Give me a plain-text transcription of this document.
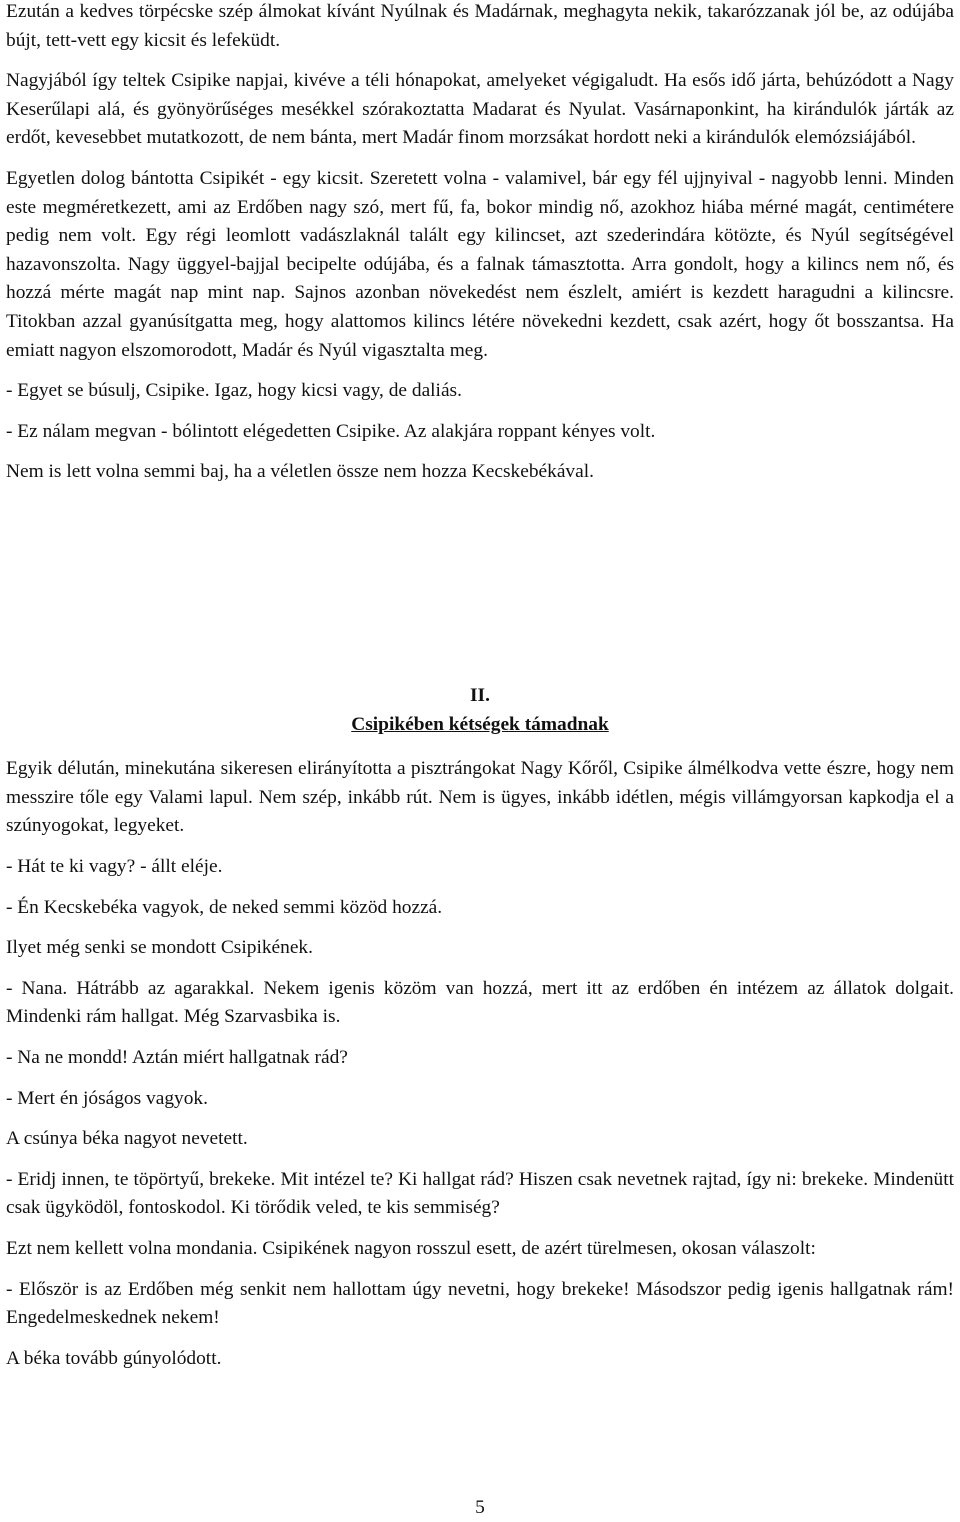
Ezután a kedves törpécske szép álmokat kívánt Nyúlnak és Madárnak, meghagyta nekik, takarózzanak jól be, az odújába bújt, tett-vett egy kicsit és lefeküdt.

Nagyjából így teltek Csipike napjai, kivéve a téli hónapokat, amelyeket végigaludt. Ha esős idő járta, behúzódott a Nagy Keserűlapi alá, és gyönyörűséges mesékkel szórakoztatta Madarat és Nyulat. Vasárnaponkint, ha kirándulók járták az erdőt, kevesebbet mutatkozott, de nem bánta, mert Madár finom morzsákat hordott neki a kirándulók elemózsiájából.

Egyetlen dolog bántotta Csipikét - egy kicsit. Szeretett volna - valamivel, bár egy fél ujjnyival - nagyobb lenni. Minden este megméretkezett, ami az Erdőben nagy szó, mert fű, fa, bokor mindig nő, azokhoz hiába mérné magát, centimétere pedig nem volt. Egy régi leomlott vadászlaknál talált egy kilincset, azt szederindára kötözte, és Nyúl segítségével hazavonszolta. Nagy üggyel-bajjal becipelte odújába, és a falnak támasztotta. Arra gondolt, hogy a kilincs nem nő, és hozzá mérte magát nap mint nap. Sajnos azonban növekedést nem észlelt, amiért is kezdett haragudni a kilincsre. Titokban azzal gyanúsítgatta meg, hogy alattomos kilincs létére növekedni kezdett, csak azért, hogy őt bosszantsa. Ha emiatt nagyon elszomorodott, Madár és Nyúl vigasztalta meg.

- Egyet se búsulj, Csipike. Igaz, hogy kicsi vagy, de daliás.

- Ez nálam megvan - bólintott elégedetten Csipike. Az alakjára roppant kényes volt.

Nem is lett volna semmi baj, ha a véletlen össze nem hozza Kecskebékával.

II.
Csipikében kétségek támadnak

Egyik délután, minekutána sikeresen elirányította a pisztrángokat Nagy Kőről, Csipike álmélkodva vette észre, hogy nem messzire tőle egy Valami lapul. Nem szép, inkább rút. Nem is ügyes, inkább idétlen, mégis villámgyorsan kapkodja el a szúnyogokat, legyeket.

- Hát te ki vagy? - állt eléje.

- Én Kecskebéka vagyok, de neked semmi közöd hozzá.

Ilyet még senki se mondott Csipikének.

- Nana. Hátrább az agarakkal. Nekem igenis közöm van hozzá, mert itt az erdőben én intézem az állatok dolgait. Mindenki rám hallgat. Még Szarvasbika is.

- Na ne mondd! Aztán miért hallgatnak rád?

- Mert én jóságos vagyok.

A csúnya béka nagyot nevetett.

- Eridj innen, te töpörtyű, brekeke. Mit intézel te? Ki hallgat rád? Hiszen csak nevetnek rajtad, így ni: brekeke. Mindenütt csak ügyködöl, fontoskodol. Ki törődik veled, te kis semmiség?

Ezt nem kellett volna mondania. Csipikének nagyon rosszul esett, de azért türelmesen, okosan válaszolt:

- Először is az Erdőben még senkit nem hallottam úgy nevetni, hogy brekeke! Másodszor pedig igenis hallgatnak rám! Engedelmeskednek nekem!

A béka tovább gúnyolódott.

5
